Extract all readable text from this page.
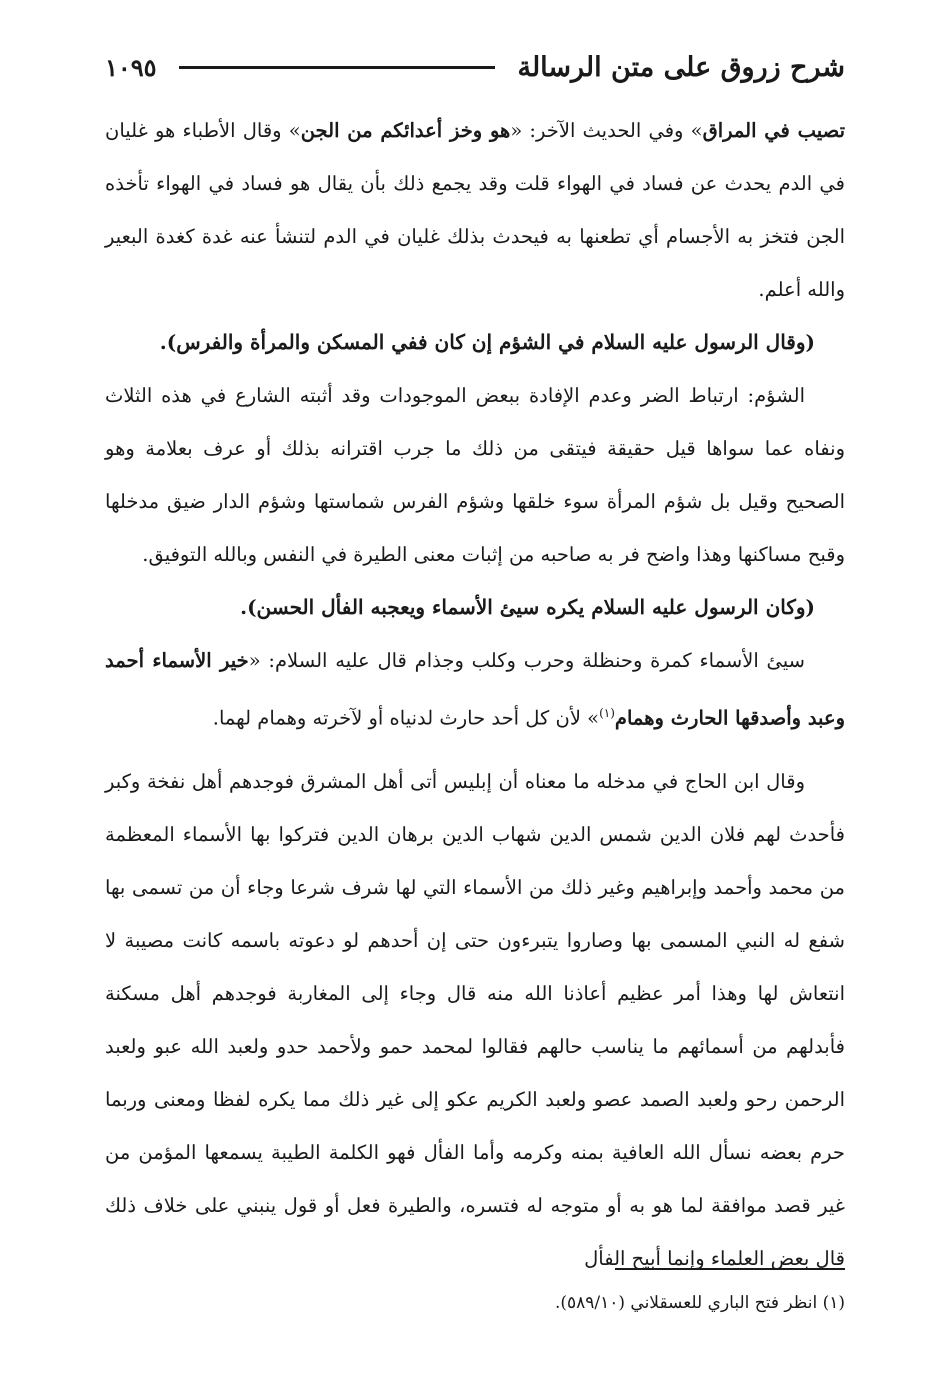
شرح زروق على متن الرسالة
١٠٩٥

تصيب في المراق» وفي الحديث الآخر: «هو وخز أعدائكم من الجن» وقال الأطباء هو غليان في الدم يحدث عن فساد في الهواء قلت وقد يجمع ذلك بأن يقال هو فساد في الهواء تأخذه الجن فتخز به الأجسام أي تطعنها به فيحدث بذلك غليان في الدم لتنشأ عنه غدة كغدة البعير والله أعلم.

(وقال الرسول عليه السلام في الشؤم إن كان ففي المسكن والمرأة والفرس).

الشؤم: ارتباط الضر وعدم الإفادة ببعض الموجودات وقد أثبته الشارع في هذه الثلاث ونفاه عما سواها قيل حقيقة فيتقى من ذلك ما جرب اقترانه بذلك أو عرف بعلامة وهو الصحيح وقيل بل شؤم المرأة سوء خلقها وشؤم الفرس شماستها وشؤم الدار ضيق مدخلها وقبح مساكنها وهذا واضح فر به صاحبه من إثبات معنى الطيرة في النفس وبالله التوفيق.

(وكان الرسول عليه السلام يكره سيئ الأسماء ويعجبه الفأل الحسن).

سيئ الأسماء كمرة وحنظلة وحرب وكلب وجذام قال عليه السلام: «خير الأسماء أحمد وعبد وأصدقها الحارث وهمام$^{(١)}$» لأن كل أحد حارث لدنياه أو لآخرته وهمام لهما.

وقال ابن الحاج في مدخله ما معناه أن إبليس أتى أهل المشرق فوجدهم أهل نفخة وكبر فأحدث لهم فلان الدين شمس الدين شهاب الدين برهان الدين فتركوا بها الأسماء المعظمة من محمد وأحمد وإبراهيم وغير ذلك من الأسماء التي لها شرف شرعا وجاء أن من تسمى بها شفع له النبي المسمى بها وصاروا يتبرءون حتى إن أحدهم لو دعوته باسمه كانت مصيبة لا انتعاش لها وهذا أمر عظيم أعاذنا الله منه قال وجاء إلى المغاربة فوجدهم أهل مسكنة فأبدلهم من أسمائهم ما يناسب حالهم فقالوا لمحمد حمو ولأحمد حدو ولعبد الله عبو ولعبد الرحمن رحو ولعبد الصمد عصو ولعبد الكريم عكو إلى غير ذلك مما يكره لفظا ومعنى وربما حرم بعضه نسأل الله العافية بمنه وكرمه وأما الفأل فهو الكلمة الطيبة يسمعها المؤمن من غير قصد موافقة لما هو به أو متوجه له فتسره، والطيرة فعل أو قول ينبني على خلاف ذلك قال بعض العلماء وإنما أبيح الفأل

(١) انظر فتح الباري للعسقلاني (٥٨٩/١٠).
